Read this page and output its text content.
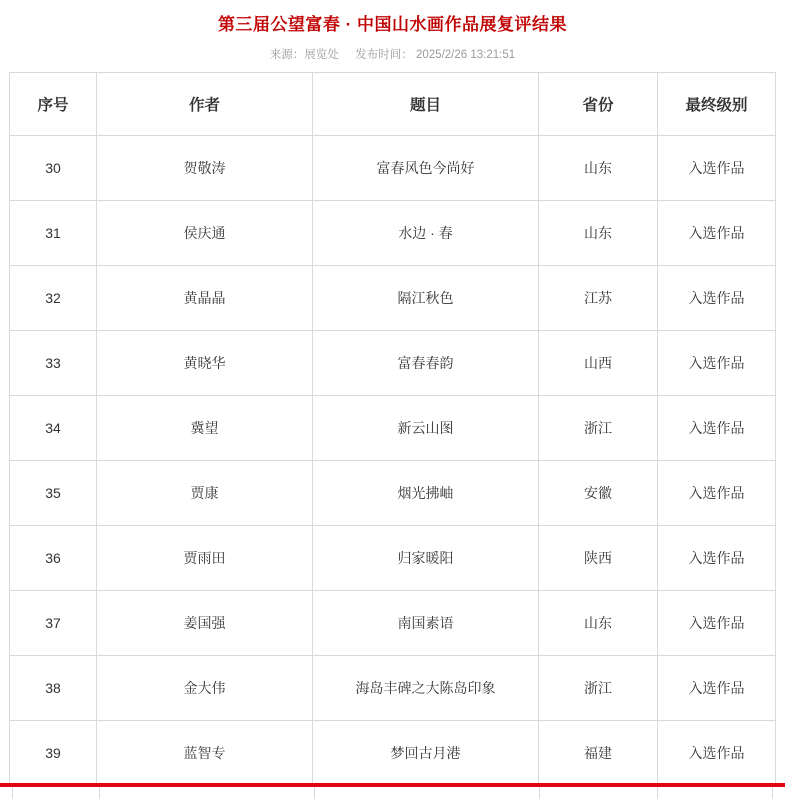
第三届公望富春 · 中国山水画作品展复评结果
来源：展览处 发布时间： 2025/2/26 13:21:51
序号	作者	题目	省份	最终级别
30	贺敬涛	富春风色今尚好	山东	入选作品
31	侯庆通	水边 · 春	山东	入选作品
32	黄晶晶	隔江秋色	江苏	入选作品
33	黄晓华	富春春韵	山西	入选作品
34	冀望	新云山图	浙江	入选作品
35	贾康	烟光拂岫	安徽	入选作品
36	贾雨田	归家暖阳	陕西	入选作品
37	姜国强	南国素语	山东	入选作品
38	金大伟	海岛丰碑之大陈岛印象	浙江	入选作品
39	蓝智专	梦回古月港	福建	入选作品
